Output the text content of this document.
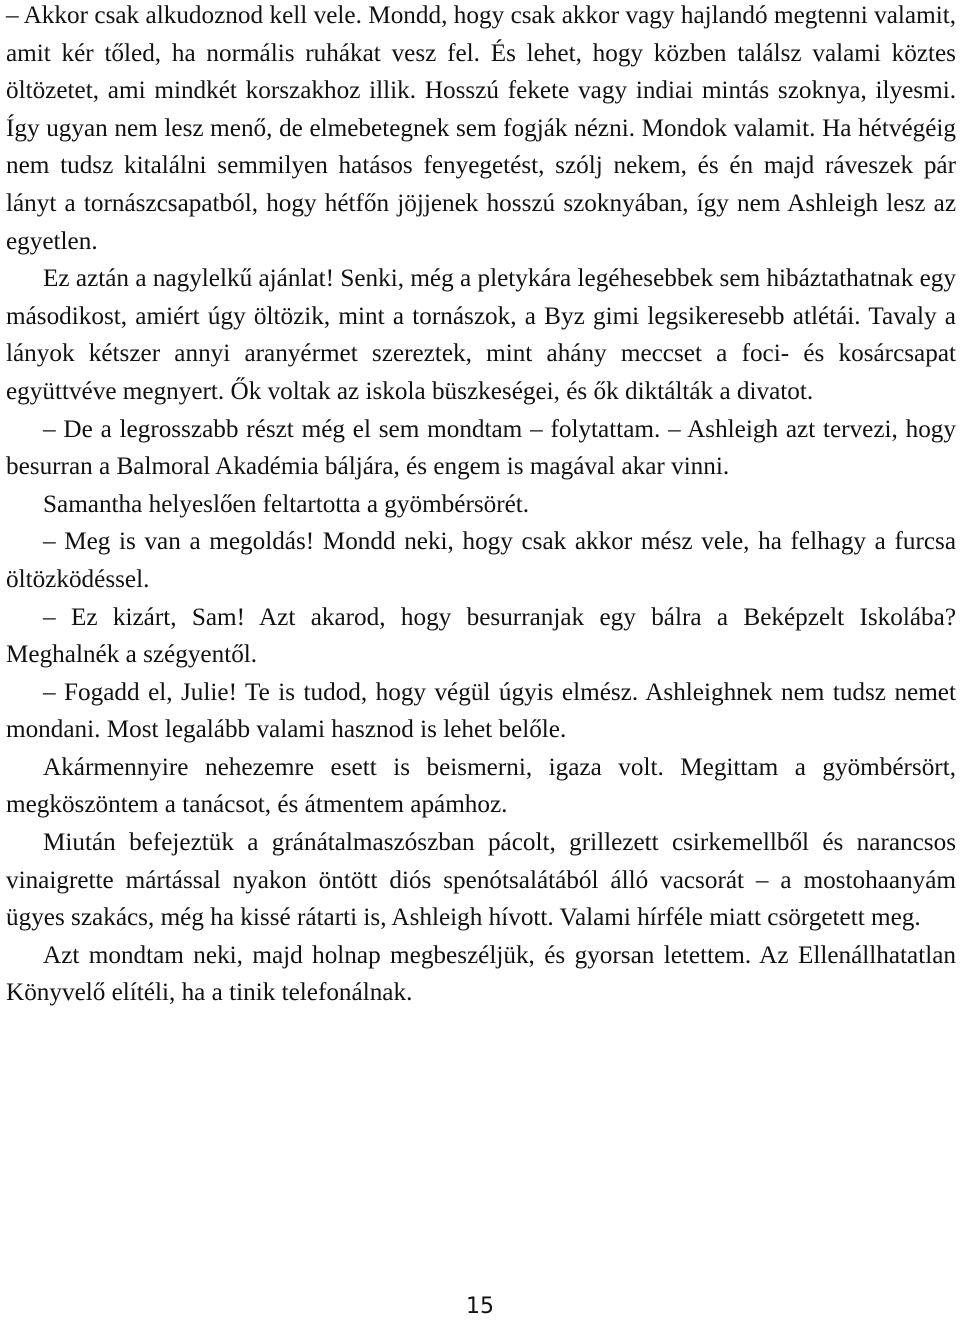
– Akkor csak alkudoznod kell vele. Mondd, hogy csak akkor vagy hajlandó megtenni valamit, amit kér tőled, ha normális ruhákat vesz fel. És lehet, hogy közben találsz valami köztes öltözetet, ami mindkét korszakhoz illik. Hosszú fekete vagy indiai mintás szoknya, ilyesmi. Így ugyan nem lesz menő, de elmebetegnek sem fogják nézni. Mondok valamit. Ha hétvégéig nem tudsz kitalálni semmilyen hatásos fenyegetést, szólj nekem, és én majd ráveszek pár lányt a tornászcsapatból, hogy hétfőn jöjjenek hosszú szoknyában, így nem Ashleigh lesz az egyetlen.

Ez aztán a nagylelkű ajánlat! Senki, még a pletykára legéhesebbek sem hibáztathatnak egy másodikost, amiért úgy öltözik, mint a tornászok, a Byz gimi legsikeresebb atlétái. Tavaly a lányok kétszer annyi aranyérmet szereztek, mint ahány meccset a foci- és kosárcsapat együttvéve megnyert. Ők voltak az iskola büszkeségei, és ők diktálták a divatot.

– De a legrosszabb részt még el sem mondtam – folytattam. – Ashleigh azt tervezi, hogy besurran a Balmoral Akadémia báljára, és engem is magával akar vinni.

Samantha helyeslően feltartotta a gyömbérsörét.

– Meg is van a megoldás! Mondd neki, hogy csak akkor mész vele, ha felhagy a furcsa öltözködéssel.

– Ez kizárt, Sam! Azt akarod, hogy besurranjak egy bálra a Beképzelt Iskolába? Meghalnék a szégyentől.

– Fogadd el, Julie! Te is tudod, hogy végül úgyis elmész. Ashleighnek nem tudsz nemet mondani. Most legalább valami hasznod is lehet belőle.

Akármennyire nehezemre esett is beismerni, igaza volt. Megittam a gyömbérsört, megköszöntem a tanácsot, és átmentem apámhoz.

Miután befejeztük a gránátalmaszószban pácolt, grillezett csirkemellből és narancsos vinaigrette mártással nyakon öntött diós spenótsalátából álló vacsorát – a mostohaanyám ügyes szakács, még ha kissé rátarti is, Ashleigh hívott. Valami hírféle miatt csörgetett meg.

Azt mondtam neki, majd holnap megbeszéljük, és gyorsan letettem. Az Ellenállhatatlan Könyvelő elítéli, ha a tinik telefonálnak.

15
